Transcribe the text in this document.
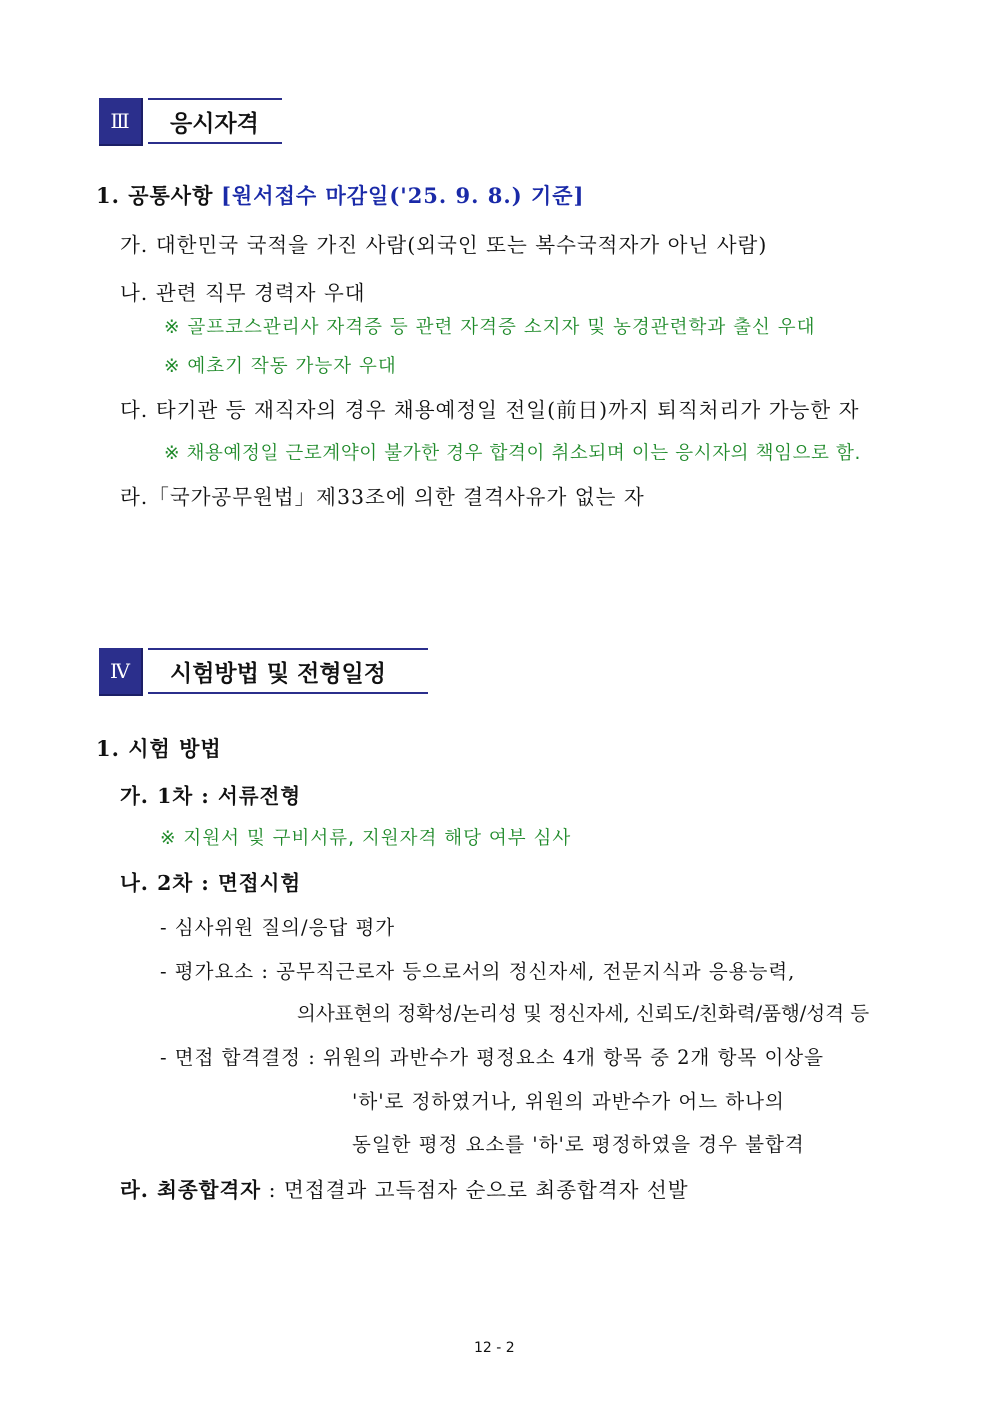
Ⅲ 응시자격
1. 공통사항 [원서접수 마감일('25. 9. 8.) 기준]
가. 대한민국 국적을 가진 사람(외국인 또는 복수국적자가 아닌 사람)
나. 관련 직무 경력자 우대
※ 골프코스관리사 자격증 등 관련 자격증 소지자 및 농경관련학과 출신 우대
※ 예초기 작동 가능자 우대
다. 타기관 등 재직자의 경우 채용예정일 전일(前日)까지 퇴직처리가 가능한 자
※ 채용예정일 근로계약이 불가한 경우 합격이 취소되며 이는 응시자의 책임으로 함.
라.「국가공무원법」제33조에 의한 결격사유가 없는 자
Ⅳ 시험방법 및 전형일정
1. 시험 방법
가. 1차 : 서류전형
※ 지원서 및 구비서류, 지원자격 해당 여부 심사
나. 2차 : 면접시험
- 심사위원 질의/응답 평가
- 평가요소 : 공무직근로자 등으로서의 정신자세, 전문지식과 응용능력,
의사표현의 정확성/논리성 및 정신자세, 신뢰도/친화력/품행/성격 등
- 면접 합격결정 : 위원의 과반수가 평정요소 4개 항목 중 2개 항목 이상을
'하'로 정하였거나, 위원의 과반수가 어느 하나의
동일한 평정 요소를 '하'로 평정하였을 경우 불합격
라. 최종합격자 : 면접결과 고득점자 순으로 최종합격자 선발
12 - 2
